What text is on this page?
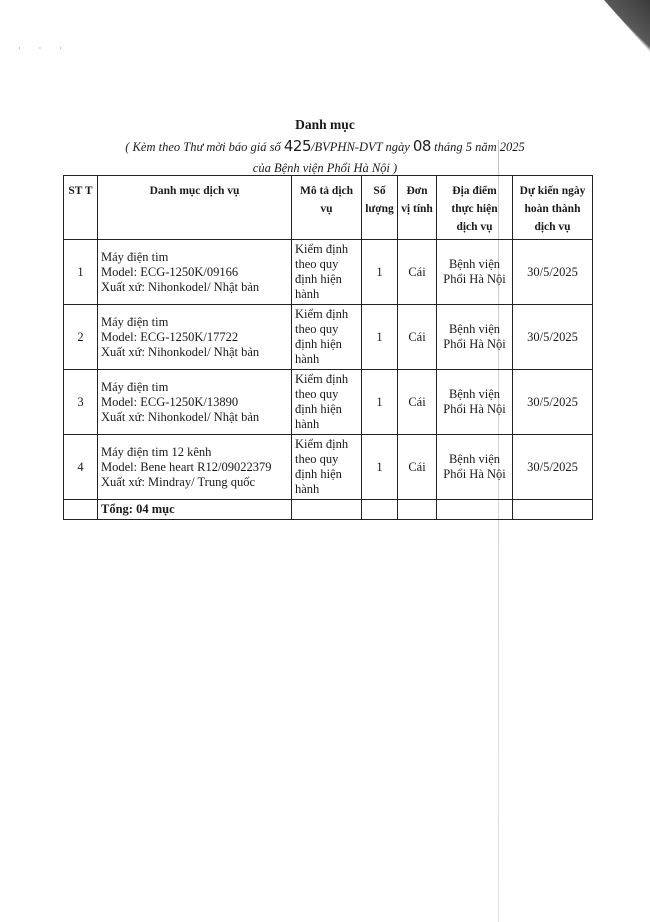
· · ·
Danh mục
( Kèm theo Thư mời báo giá số 425/BVPHN-DVT ngày 08 tháng 5 năm 2025
của Bệnh viện Phổi Hà Nội )
ST T	Danh mục dịch vụ	Mô tả dịch vụ	Số lượng	Đơn vị tính	Địa điểm thực hiện dịch vụ	Dự kiến ngày hoàn thành dịch vụ
1	Máy điện tim
Model: ECG-1250K/09166
Xuất xứ: Nihonkodel/ Nhật bản	Kiểm định theo quy định hiện hành	1	Cái	Bệnh viện Phổi Hà Nội	30/5/2025
2	Máy điện tim
Model: ECG-1250K/17722
Xuất xứ: Nihonkodel/ Nhật bản	Kiểm định theo quy định hiện hành	1	Cái	Bệnh viện Phổi Hà Nội	30/5/2025
3	Máy điện tim
Model: ECG-1250K/13890
Xuất xứ: Nihonkodel/ Nhật bản	Kiểm định theo quy định hiện hành	1	Cái	Bệnh viện Phổi Hà Nội	30/5/2025
4	Máy điện tim 12 kênh
Model: Bene heart R12/09022379
Xuất xứ: Mindray/ Trung quốc	Kiểm định theo quy định hiện hành	1	Cái	Bệnh viện Phổi Hà Nội	30/5/2025
	Tổng: 04 mục					
